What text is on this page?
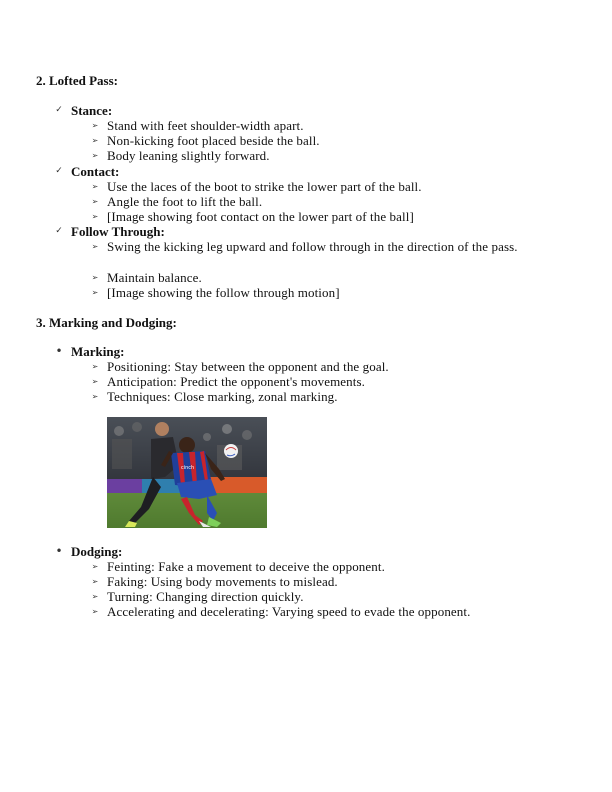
2. Lofted Pass:
✓ Stance:
➢ Stand with feet shoulder-width apart.
➢ Non-kicking foot placed beside the ball.
➢ Body leaning slightly forward.
✓ Contact:
➢ Use the laces of the boot to strike the lower part of the ball.
➢ Angle the foot to lift the ball.
➢ [Image showing foot contact on the lower part of the ball]
✓ Follow Through:
➢ Swing the kicking leg upward and follow through in the direction of the pass.
➢ Maintain balance.
➢ [Image showing the follow through motion]
3. Marking and Dodging:
• Marking:
➢ Positioning: Stay between the opponent and the goal.
➢ Anticipation: Predict the opponent's movements.
➢ Techniques: Close marking, zonal marking.
cinch
• Dodging:
➢ Feinting: Fake a movement to deceive the opponent.
➢ Faking: Using body movements to mislead.
➢ Turning: Changing direction quickly.
➢ Accelerating and decelerating: Varying speed to evade the opponent.
